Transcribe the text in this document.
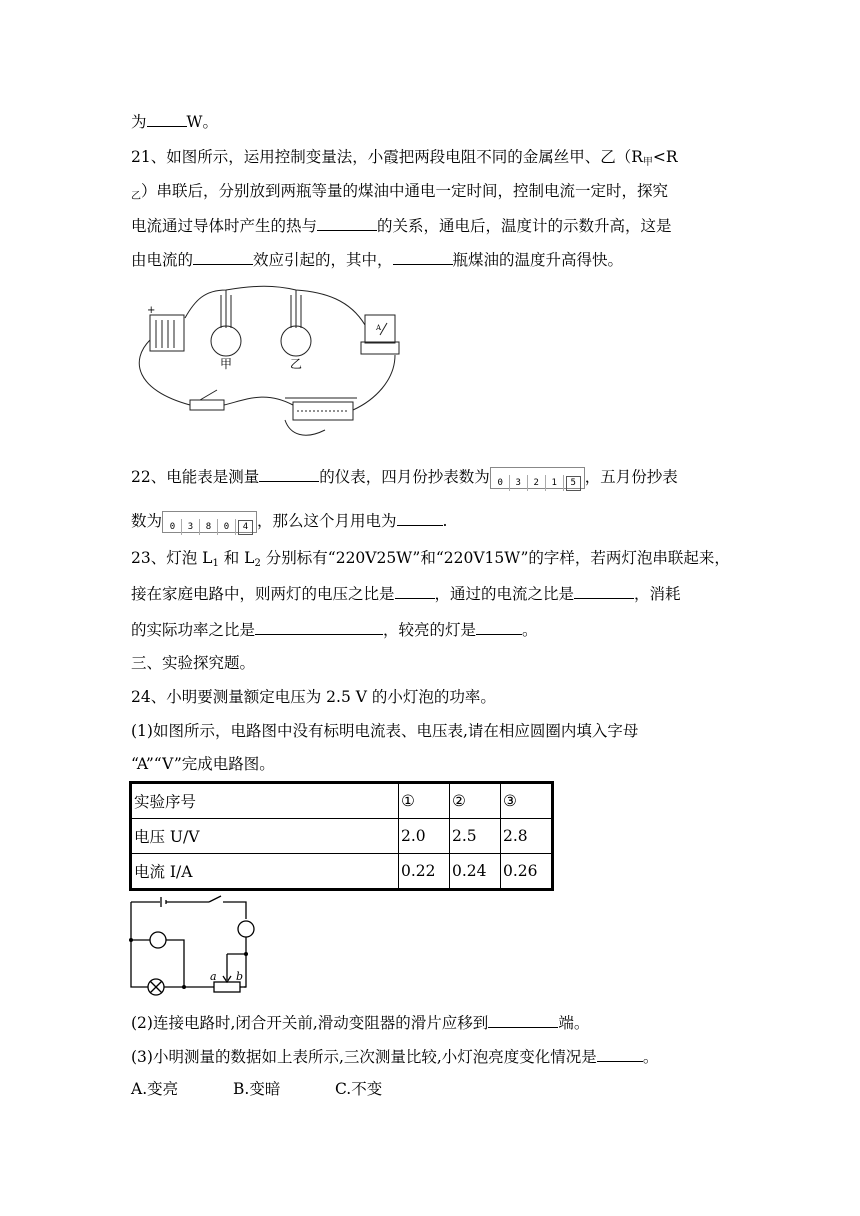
为	W。
21、如图所示，运用控制变量法，小霞把两段电阻不同的金属丝甲、乙（$R_甲<R$
$_乙$）串联后，分别放到两瓶等量的煤油中通电一定时间，控制电流一定时，探究
电流通过导体时产生的热与	的关系，通电后，温度计的示数升高，这是
由电流的	效应引起的，其中，	瓶煤油的温度升高得快。
甲	乙
A
+
22、电能表是测量	的仪表，四月份抄表数为 0 3 2 1 5 ，五月份抄表
数为 0 3 8 0 4 ，那么这个月用电为	.
23、灯泡 $L_1$ 和 $L_2$ 分别标有“220V25W”和“220V15W”的字样，若两灯泡串联起来，
接在家庭电路中，则两灯的电压之比是	，通过的电流之比是	，消耗
的实际功率之比是	，较亮的灯是	。
三、实验探究题。
24、小明要测量额定电压为 2.5 V 的小灯泡的功率。
(1)如图所示，电路图中没有标明电流表、电压表,请在相应圆圈内填入字母
“A”“V”完成电路图。
实验序号	①	②	③
电压 U/V	2.0	2.5	2.8
电流 I/A	0.22	0.24	0.26
a b
(2)连接电路时,闭合开关前,滑动变阻器的滑片应移到	端。
(3)小明测量的数据如上表所示,三次测量比较,小灯泡亮度变化情况是	。
A.变亮	B.变暗	C.不变
